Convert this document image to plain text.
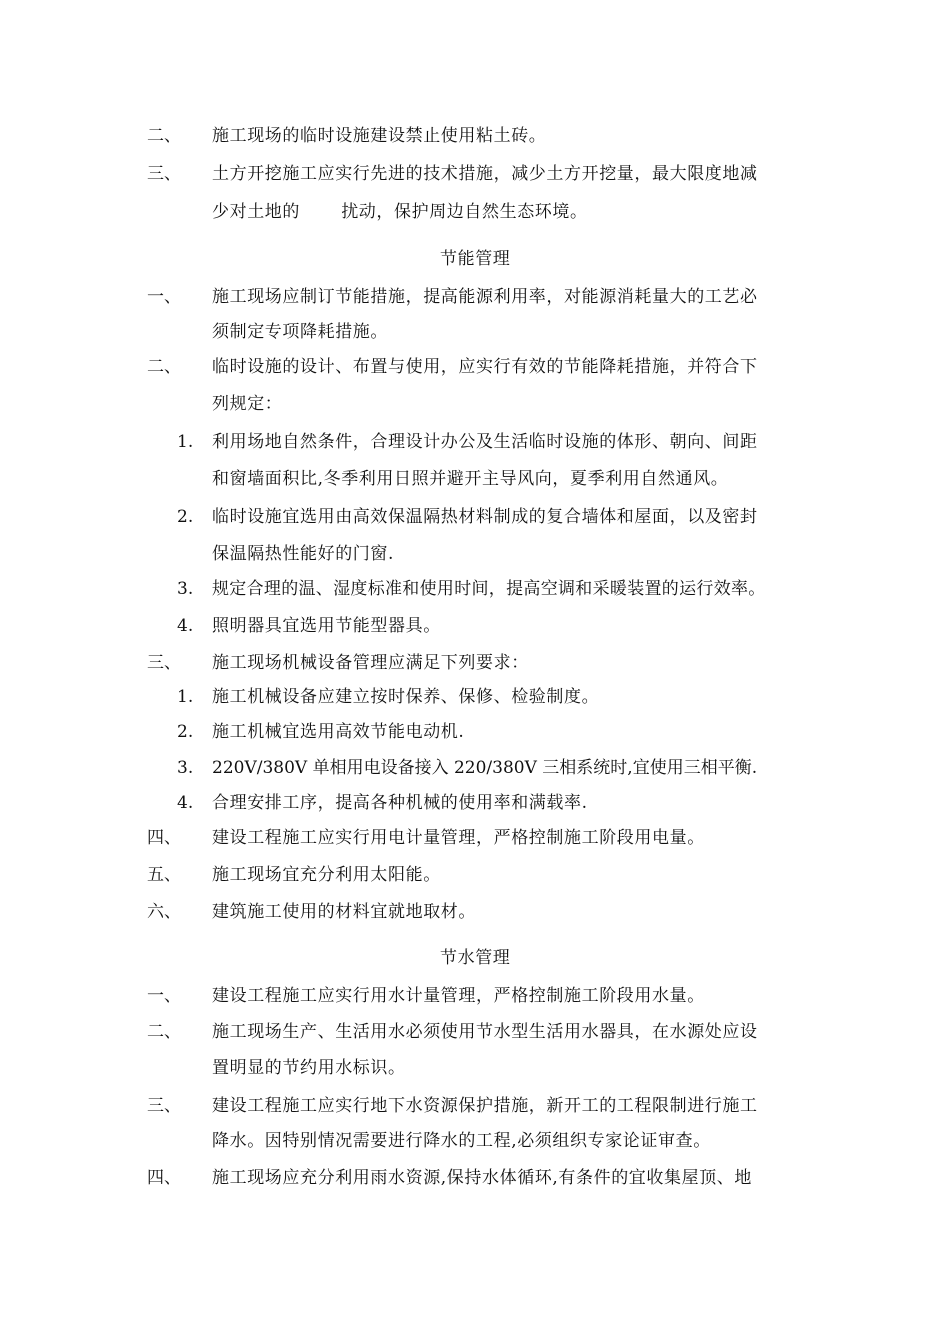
二、 施工现场的临时设施建设禁止使用粘土砖。
三、 土方开挖施工应实行先进的技术措施，减少土方开挖量，最大限度地减
少对土地的　　 扰动，保护周边自然生态环境。
节能管理
一、 施工现场应制订节能措施，提高能源利用率，对能源消耗量大的工艺必
须制定专项降耗措施。
二、 临时设施的设计、布置与使用，应实行有效的节能降耗措施，并符合下
列规定：
1. 利用场地自然条件，合理设计办公及生活临时设施的体形、朝向、间距
和窗墙面积比,冬季利用日照并避开主导风向，夏季利用自然通风。
2. 临时设施宜选用由高效保温隔热材料制成的复合墙体和屋面，以及密封
保温隔热性能好的门窗.
3. 规定合理的温、湿度标准和使用时间，提高空调和采暖装置的运行效率。
4. 照明器具宜选用节能型器具。
三、 施工现场机械设备管理应满足下列要求：
1. 施工机械设备应建立按时保养、保修、检验制度。
2. 施工机械宜选用高效节能电动机.
3. 220V/380V 单相用电设备接入 220/380V 三相系统时,宜使用三相平衡.
4. 合理安排工序，提高各种机械的使用率和满载率.
四、 建设工程施工应实行用电计量管理，严格控制施工阶段用电量。
五、 施工现场宜充分利用太阳能。
六、 建筑施工使用的材料宜就地取材。
节水管理
一、 建设工程施工应实行用水计量管理，严格控制施工阶段用水量。
二、 施工现场生产、生活用水必须使用节水型生活用水器具，在水源处应设
置明显的节约用水标识。
三、 建设工程施工应实行地下水资源保护措施，新开工的工程限制进行施工
降水。因特别情况需要进行降水的工程,必须组织专家论证审查。
四、 施工现场应充分利用雨水资源,保持水体循环,有条件的宜收集屋顶、地
